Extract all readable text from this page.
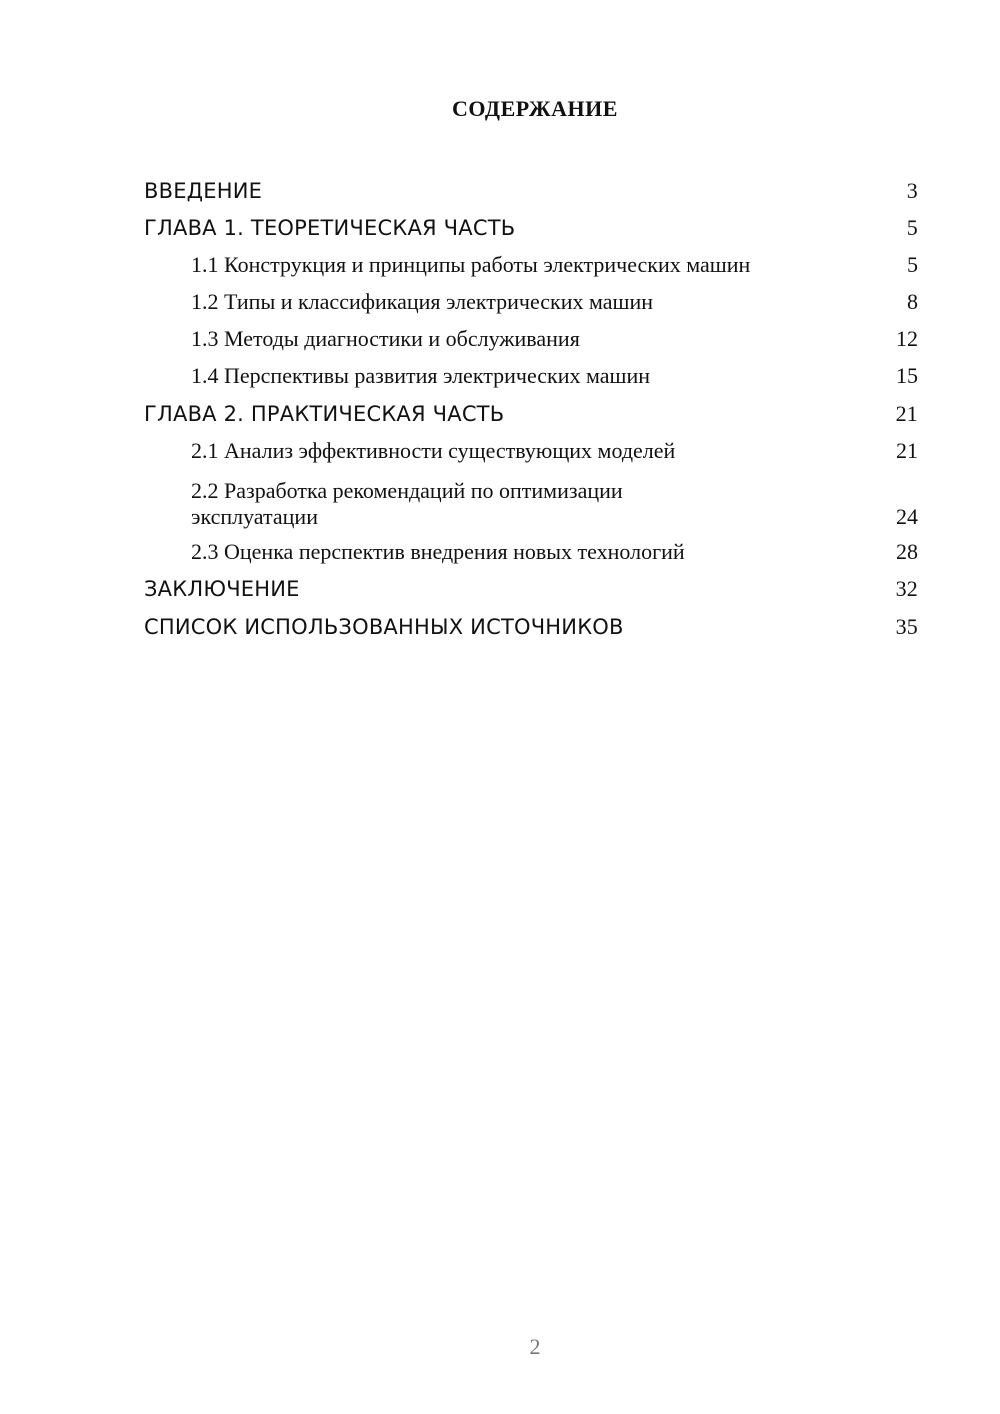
СОДЕРЖАНИЕ
ВВЕДЕНИЕ	3
ГЛАВА 1. ТЕОРЕТИЧЕСКАЯ ЧАСТЬ	5
1.1 Конструкция и принципы работы электрических машин	5
1.2 Типы и классификация электрических машин	8
1.3 Методы диагностики и обслуживания	12
1.4 Перспективы развития электрических машин	15
ГЛАВА 2. ПРАКТИЧЕСКАЯ ЧАСТЬ	21
2.1 Анализ эффективности существующих моделей	21
2.2 Разработка рекомендаций по оптимизации эксплуатации	24
2.3 Оценка перспектив внедрения новых технологий	28
ЗАКЛЮЧЕНИЕ	32
СПИСОК ИСПОЛЬЗОВАННЫХ ИСТОЧНИКОВ	35
2
